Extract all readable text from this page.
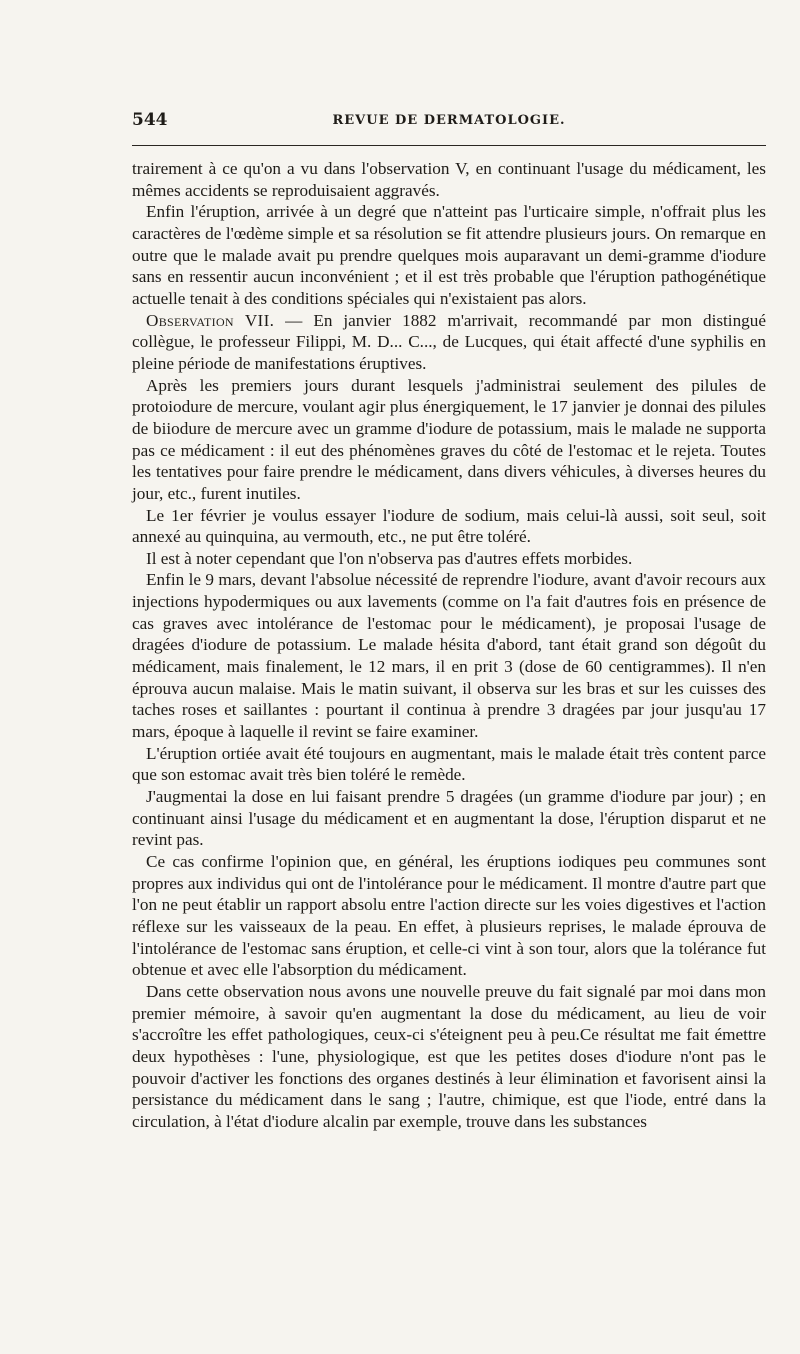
544	REVUE DE DERMATOLOGIE.

trairement à ce qu'on a vu dans l'observation V, en continuant l'usage du médicament, les mêmes accidents se reproduisaient aggravés.

Enfin l'éruption, arrivée à un degré que n'atteint pas l'urticaire simple, n'offrait plus les caractères de l'œdème simple et sa résolution se fit attendre plusieurs jours. On remarque en outre que le malade avait pu prendre quelques mois auparavant un demi-gramme d'iodure sans en ressentir aucun inconvénient ; et il est très probable que l'éruption pathogénétique actuelle tenait à des conditions spéciales qui n'existaient pas alors.

Observation VII. — En janvier 1882 m'arrivait, recommandé par mon distingué collègue, le professeur Filippi, M. D... C..., de Lucques, qui était affecté d'une syphilis en pleine période de manifestations éruptives.

Après les premiers jours durant lesquels j'administrai seulement des pilules de protoiodure de mercure, voulant agir plus énergiquement, le 17 janvier je donnai des pilules de biiodure de mercure avec un gramme d'iodure de potassium, mais le malade ne supporta pas ce médicament : il eut des phénomènes graves du côté de l'estomac et le rejeta. Toutes les tentatives pour faire prendre le médicament, dans divers véhicules, à diverses heures du jour, etc., furent inutiles.

Le 1er février je voulus essayer l'iodure de sodium, mais celui-là aussi, soit seul, soit annexé au quinquina, au vermouth, etc., ne put être toléré.

Il est à noter cependant que l'on n'observa pas d'autres effets morbides.

Enfin le 9 mars, devant l'absolue nécessité de reprendre l'iodure, avant d'avoir recours aux injections hypodermiques ou aux lavements (comme on l'a fait d'autres fois en présence de cas graves avec intolérance de l'estomac pour le médicament), je proposai l'usage de dragées d'iodure de potassium. Le malade hésita d'abord, tant était grand son dégoût du médicament, mais finalement, le 12 mars, il en prit 3 (dose de 60 centigrammes). Il n'en éprouva aucun malaise. Mais le matin suivant, il observa sur les bras et sur les cuisses des taches roses et saillantes : pourtant il continua à prendre 3 dragées par jour jusqu'au 17 mars, époque à laquelle il revint se faire examiner.

L'éruption ortiée avait été toujours en augmentant, mais le malade était très content parce que son estomac avait très bien toléré le remède.

J'augmentai la dose en lui faisant prendre 5 dragées (un gramme d'iodure par jour) ; en continuant ainsi l'usage du médicament et en augmentant la dose, l'éruption disparut et ne revint pas.

Ce cas confirme l'opinion que, en général, les éruptions iodiques peu communes sont propres aux individus qui ont de l'intolérance pour le médicament. Il montre d'autre part que l'on ne peut établir un rapport absolu entre l'action directe sur les voies digestives et l'action réflexe sur les vaisseaux de la peau. En effet, à plusieurs reprises, le malade éprouva de l'intolérance de l'estomac sans éruption, et celle-ci vint à son tour, alors que la tolérance fut obtenue et avec elle l'absorption du médicament.

Dans cette observation nous avons une nouvelle preuve du fait signalé par moi dans mon premier mémoire, à savoir qu'en augmentant la dose du médicament, au lieu de voir s'accroître les effet pathologiques, ceux-ci s'éteignent peu à peu.Ce résultat me fait émettre deux hypothèses : l'une, physiologique, est que les petites doses d'iodure n'ont pas le pouvoir d'activer les fonctions des organes destinés à leur élimination et favorisent ainsi la persistance du médicament dans le sang ; l'autre, chimique, est que l'iode, entré dans la circulation, à l'état d'iodure alcalin par exemple, trouve dans les substances
